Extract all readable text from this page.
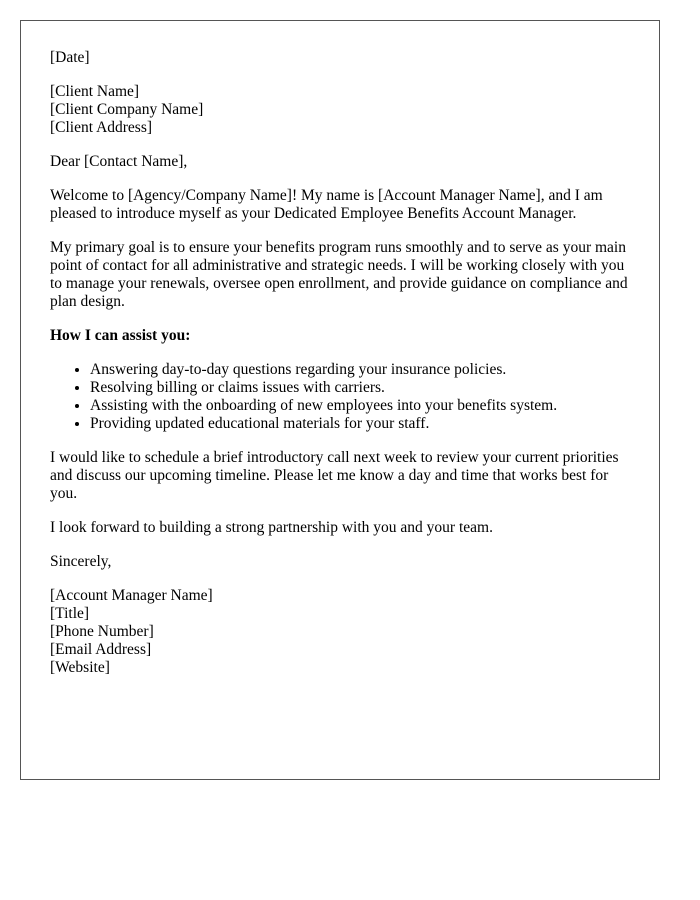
[Date]
[Client Name]
[Client Company Name]
[Client Address]

Dear [Contact Name],

Welcome to [Agency/Company Name]! My name is [Account Manager Name], and I am pleased to introduce myself as your Dedicated Employee Benefits Account Manager.

My primary goal is to ensure your benefits program runs smoothly and to serve as your main point of contact for all administrative and strategic needs. I will be working closely with you to manage your renewals, oversee open enrollment, and provide guidance on compliance and plan design.

How I can assist you:
• Answering day-to-day questions regarding your insurance policies.
• Resolving billing or claims issues with carriers.
• Assisting with the onboarding of new employees into your benefits system.
• Providing updated educational materials for your staff.

I would like to schedule a brief introductory call next week to review your current priorities and discuss our upcoming timeline. Please let me know a day and time that works best for you.

I look forward to building a strong partnership with you and your team.

Sincerely,

[Account Manager Name]
[Title]
[Phone Number]
[Email Address]
[Website]
